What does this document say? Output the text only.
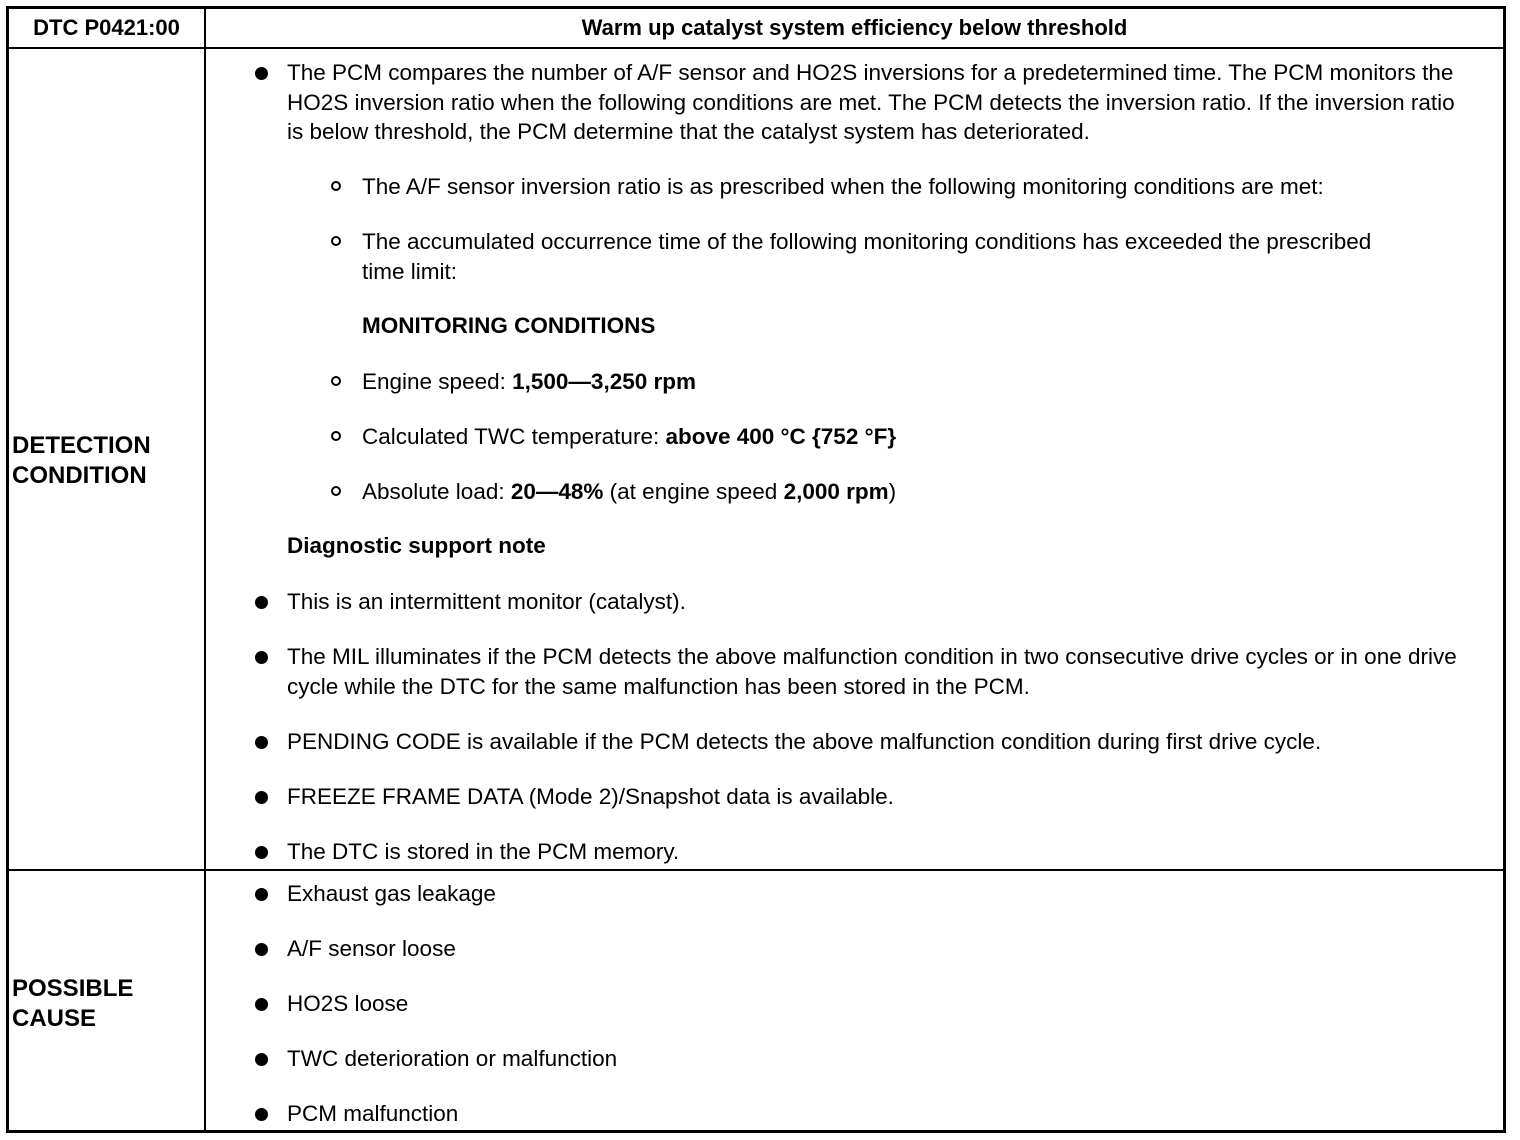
DTC P0421:00	Warm up catalyst system efficiency below threshold
DETECTION
CONDITION
The PCM compares the number of A/F sensor and HO2S inversions for a predetermined time. The PCM monitors the HO2S inversion ratio when the following conditions are met. The PCM detects the inversion ratio. If the inversion ratio is below threshold, the PCM determine that the catalyst system has deteriorated.
The A/F sensor inversion ratio is as prescribed when the following monitoring conditions are met:
The accumulated occurrence time of the following monitoring conditions has exceeded the prescribed time limit:
MONITORING CONDITIONS
Engine speed: 1,500—3,250 rpm
Calculated TWC temperature: above 400 °C {752 °F}
Absolute load: 20—48% (at engine speed 2,000 rpm)
Diagnostic support note
This is an intermittent monitor (catalyst).
The MIL illuminates if the PCM detects the above malfunction condition in two consecutive drive cycles or in one drive cycle while the DTC for the same malfunction has been stored in the PCM.
PENDING CODE is available if the PCM detects the above malfunction condition during first drive cycle.
FREEZE FRAME DATA (Mode 2)/Snapshot data is available.
The DTC is stored in the PCM memory.
POSSIBLE
CAUSE
Exhaust gas leakage
A/F sensor loose
HO2S loose
TWC deterioration or malfunction
PCM malfunction
